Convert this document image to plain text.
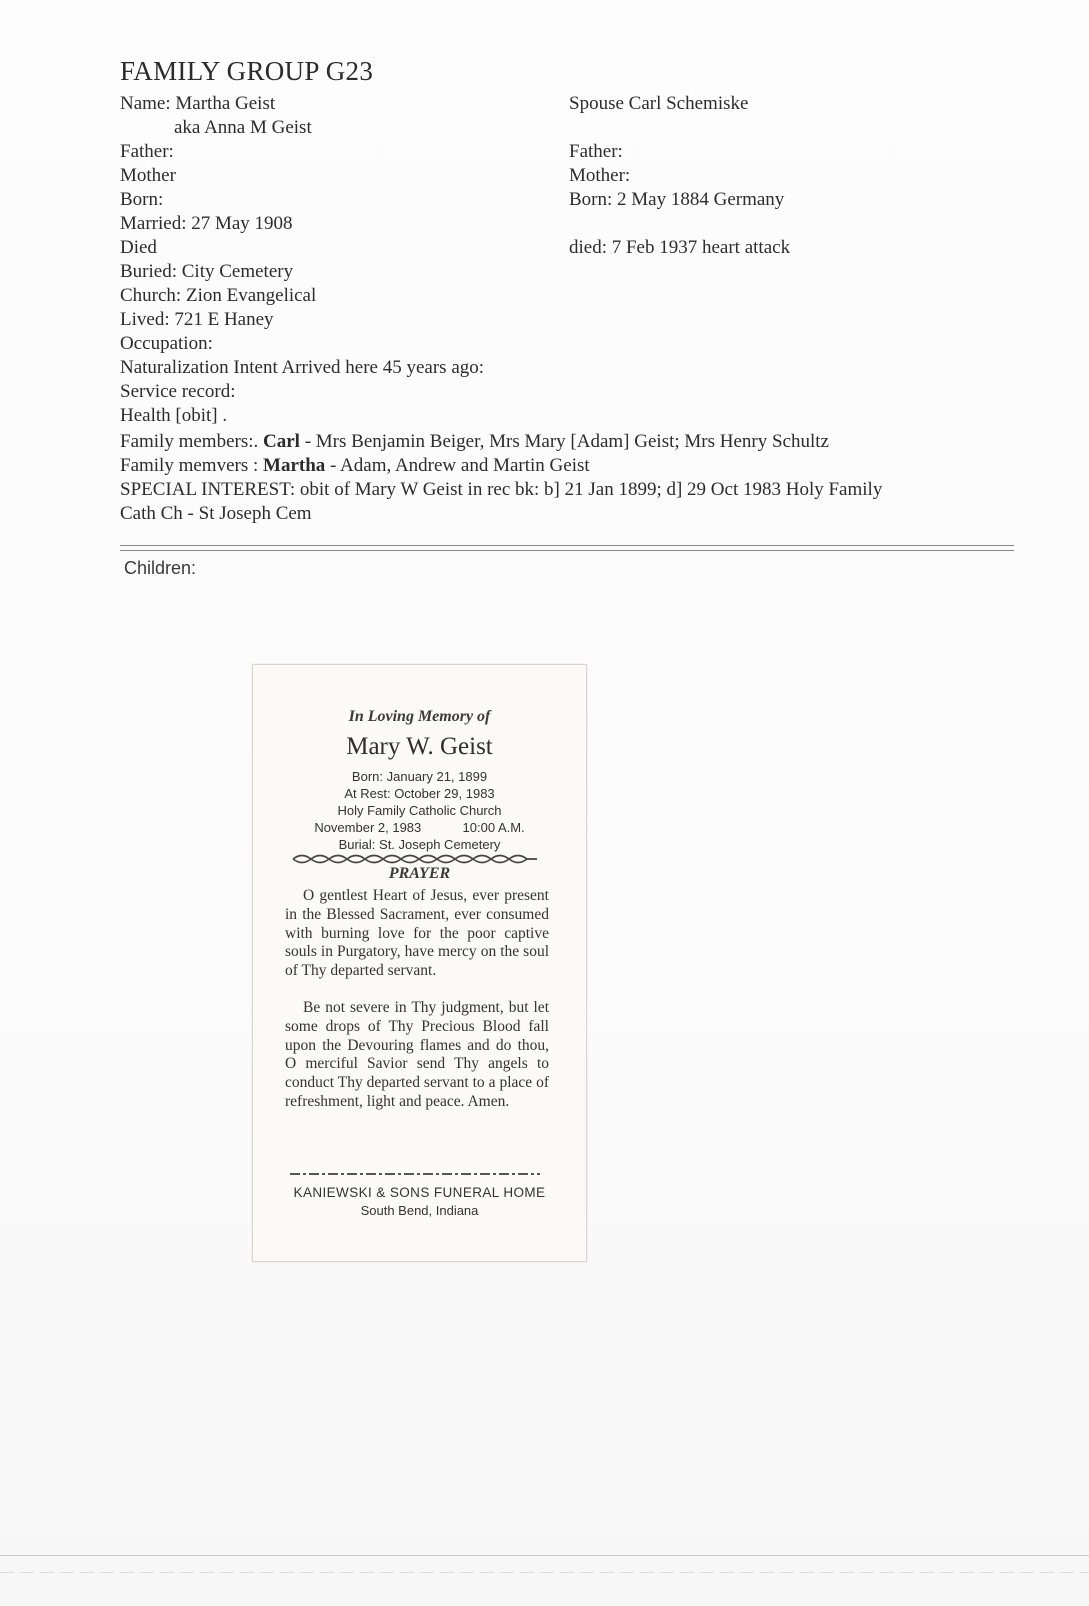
FAMILY GROUP G23
Name: Martha Geist
aka Anna M Geist
Father:
Mother
Born:
Married: 27 May 1908
Died
Buried: City Cemetery
Church: Zion Evangelical
Lived: 721 E Haney
Occupation:
Naturalization Intent Arrived here 45 years ago:
Service record:
Health [obit] .
Spouse Carl Schemiske
Father:
Mother:
Born: 2 May 1884 Germany
died: 7 Feb 1937 heart attack
Family members:. Carl - Mrs Benjamin Beiger, Mrs Mary [Adam] Geist; Mrs Henry Schultz
Family memvers : Martha - Adam, Andrew and Martin Geist
SPECIAL INTEREST: obit of Mary W Geist in rec bk: b] 21 Jan 1899; d] 29 Oct 1983 Holy Family
Cath Ch - St Joseph Cem
Children:
In Loving Memory of
Mary W. Geist
Born: January 21, 1899
At Rest: October 29, 1983
Holy Family Catholic Church
November 2, 1983	10:00 A.M.
Burial: St. Joseph Cemetery
PRAYER

O gentlest Heart of Jesus, ever present in the Blessed Sacrament, ever consumed with burning love for the poor captive souls in Purgatory, have mercy on the soul of Thy departed servant.

Be not severe in Thy judgment, but let some drops of Thy Precious Blood fall upon the Devouring flames and do thou, O merciful Savior send Thy angels to conduct Thy departed servant to a place of refreshment, light and peace. Amen.

KANIEWSKI & SONS FUNERAL HOME
South Bend, Indiana
